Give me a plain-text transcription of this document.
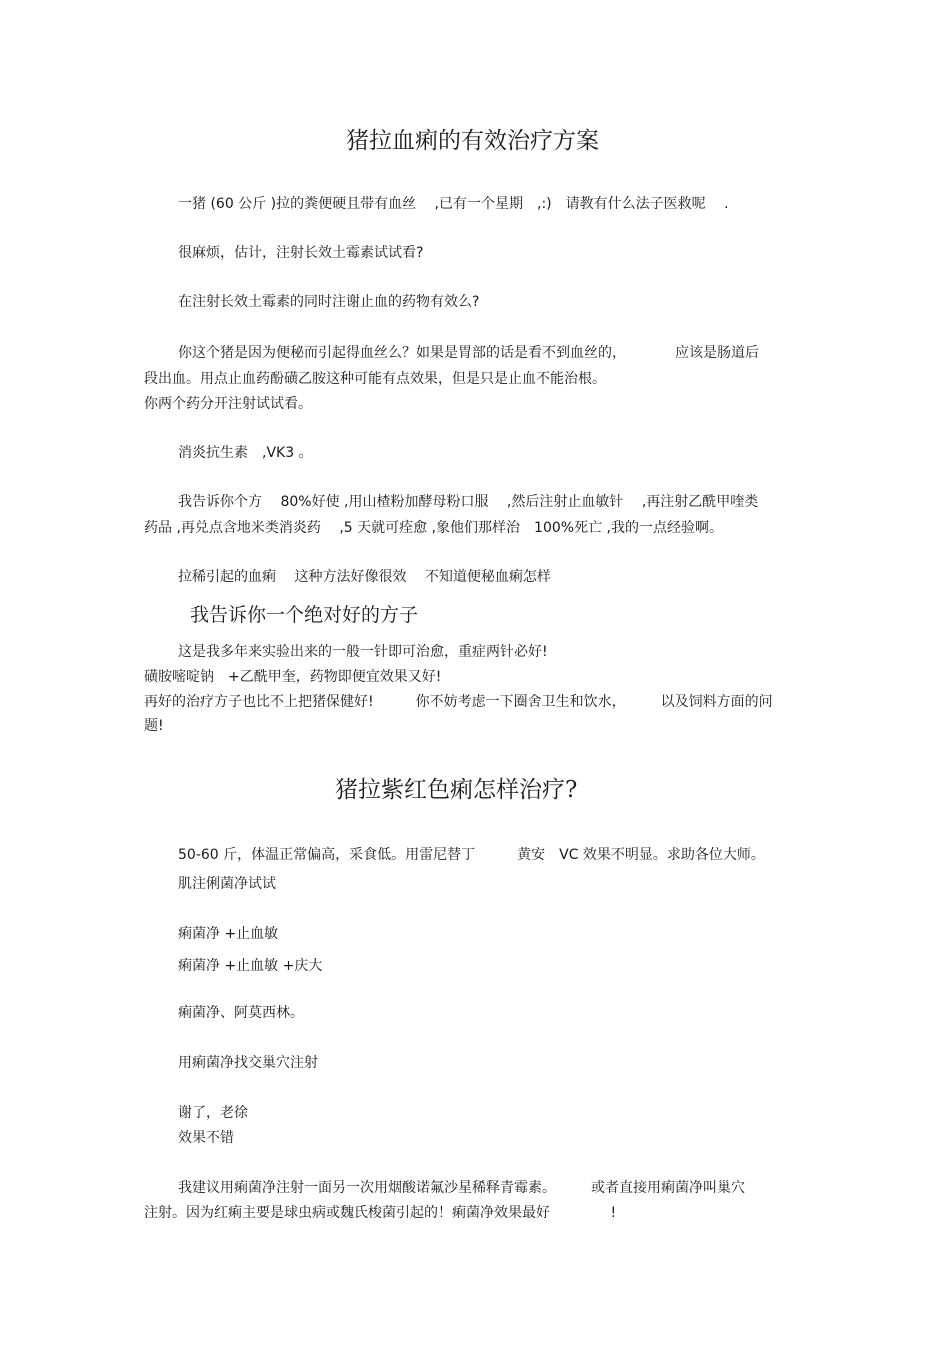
猪拉血痢的有效治疗方案
一猪 (60 公斤 )拉的粪便硬且带有血丝　 ,已有一个星期　,:)　请教有什么法子医救呢　 .
很麻烦，估计，注射长效土霉素试试看?
在注射长效土霉素的同时注谢止血的药物有效么?
你这个猪是因为便秘而引起得血丝么？如果是胃部的话是看不到血丝的，　　　　应该是肠道后
段出血。用点止血药酚磺乙胺这种可能有点效果，但是只是止血不能治根。
你两个药分开注射试试看。
消炎抗生素　,VK3 。
我告诉你个方　 80%好使 ,用山楂粉加酵母粉口服　 ,然后注射止血敏针　 ,再注射乙酰甲喹类
药品 ,再兑点含地米类消炎药　 ,5 天就可痊愈 ,象他们那样治　100%死亡 ,我的一点经验啊。
拉稀引起的血痢　 这种方法好像很效　 不知道便秘血痢怎样
我告诉你一个绝对好的方子
这是我多年来实验出来的一般一针即可治愈，重症两针必好!
磺胺嘧啶钠　+乙酰甲奎，药物即便宜效果又好!
再好的治疗方子也比不上把猪保健好!　　　你不妨考虑一下圈舍卫生和饮水，　　　以及饲料方面的问
题!
猪拉紫红色痢怎样治疗?
50-60 斤，体温正常偏高，采食低。用雷尼替丁　　　黄安　VC 效果不明显。求助各位大师。
肌注俐菌净试试
痢菌净 +止血敏
痢菌净 +止血敏 +庆大
痢菌净、阿莫西林。
用痢菌净找交巢穴注射
谢了，老徐
效果不错
我建议用痢菌净注射一面另一次用烟酸诺氟沙星稀释青霉素。　　　或者直接用痢菌净叫巢穴
注射。因为红痢主要是球虫病或魏氏梭菌引起的！痢菌净效果最好　　　　 !
